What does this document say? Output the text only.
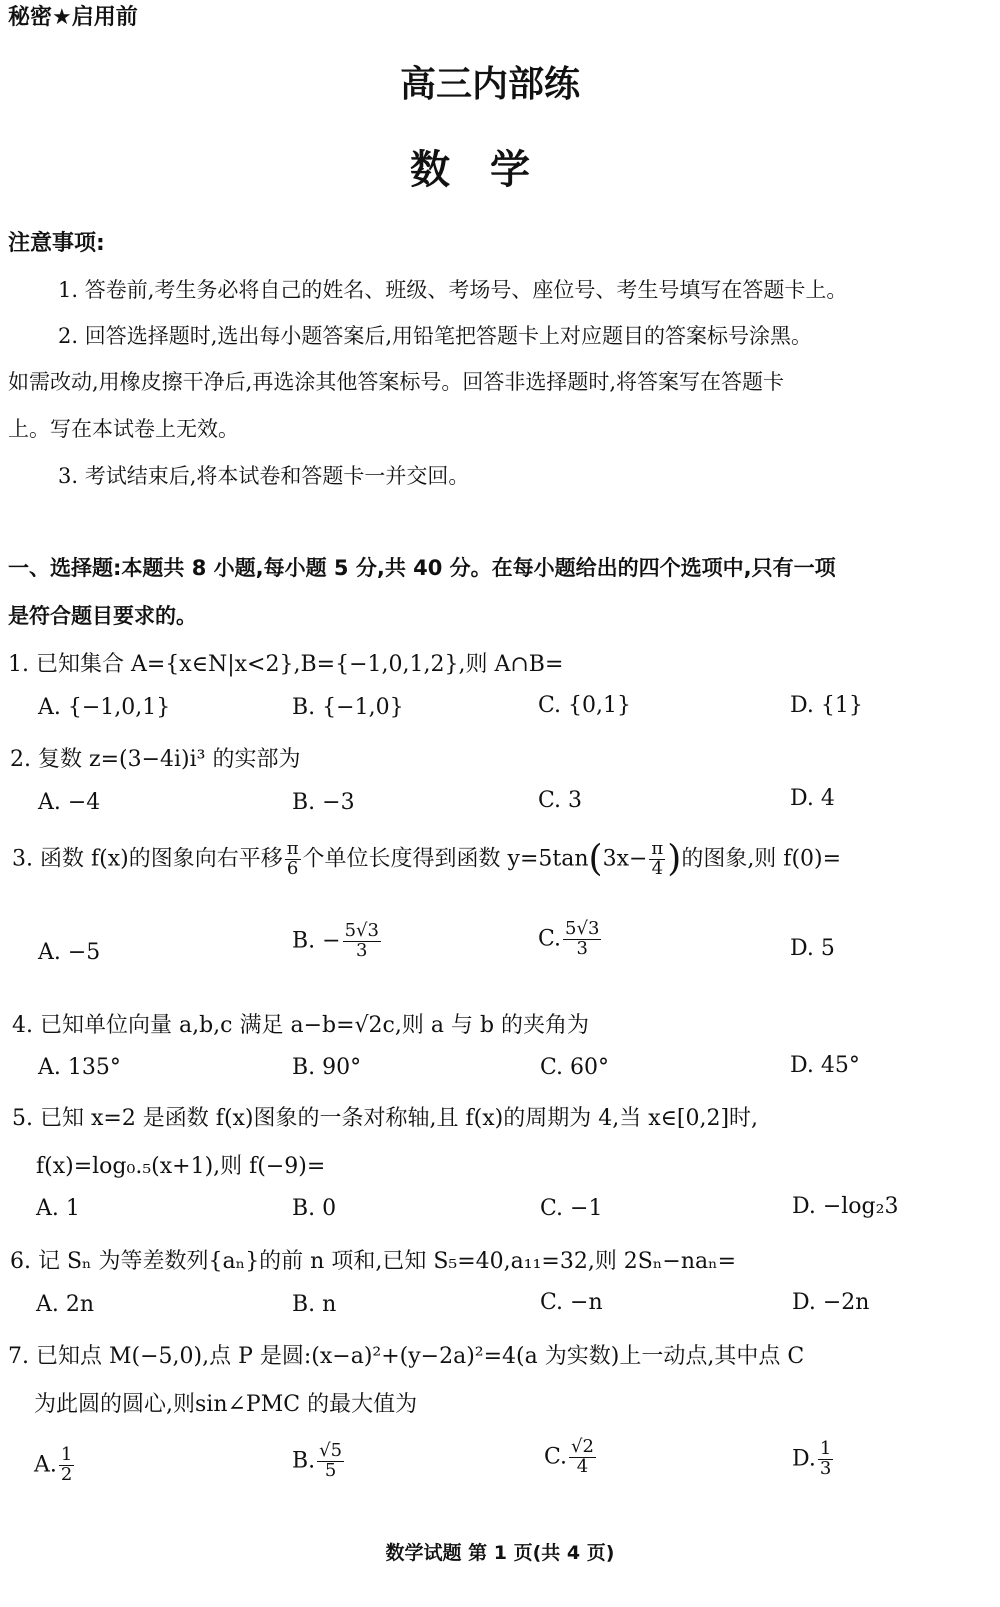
秘密★启用前
高三内部练
数学
注意事项:
1. 答卷前,考生务必将自己的姓名、班级、考场号、座位号、考生号填写在答题卡上。
2. 回答选择题时,选出每小题答案后,用铅笔把答题卡上对应题目的答案标号涂黑。
如需改动,用橡皮擦干净后,再选涂其他答案标号。回答非选择题时,将答案写在答题卡
上。写在本试卷上无效。
3. 考试结束后,将本试卷和答题卡一并交回。
一、选择题:本题共 8 小题,每小题 5 分,共 40 分。在每小题给出的四个选项中,只有一项
是符合题目要求的。
1. 已知集合 A={x∈N|x<2},B={−1,0,1,2},则 A∩B=
A. {−1,0,1}	B. {−1,0}	C. {0,1}	D. {1}
2. 复数 z=(3−4i)i³ 的实部为
A. −4	B. −3	C. 3	D. 4
3. 函数 f(x)的图象向右平移 $\frac{\pi}{6}$ 个单位长度得到函数 $y=5\tan(3x- \frac{\pi}{4}$ )的图象,则 f(0)=
A. −5	B. − $\frac{5√3}{3}$	C. $\frac{5√3}{3}$	D. 5
4. 已知单位向量 a,b,c 满足 a−b=√2c,则 a 与 b 的夹角为
A. 135°	B. 90°	C. 60°	D. 45°
5. 已知 x=2 是函数 f(x)图象的一条对称轴,且 f(x)的周期为 4,当 x∈[0,2]时,
f(x)=log₀.₅(x+1),则 f(−9)=
A. 1	B. 0	C. −1	D. −log₂3
6. 记 Sₙ 为等差数列{aₙ}的前 n 项和,已知 S₅=40,a₁₁=32,则 2Sₙ−naₙ=
A. 2n	B. n	C. −n	D. −2n
7. 已知点 M(−5,0),点 P 是圆:(x−a)²+(y−2a)²=4(a 为实数)上一动点,其中点 C
为此圆的圆心,则sin∠PMC 的最大值为
A. $\frac{1}{2}$	B. $\frac{√5}{5}$	C. $\frac{√2}{4}$	D. $\frac{1}{3}$
数学试题 第 1 页(共 4 页)
